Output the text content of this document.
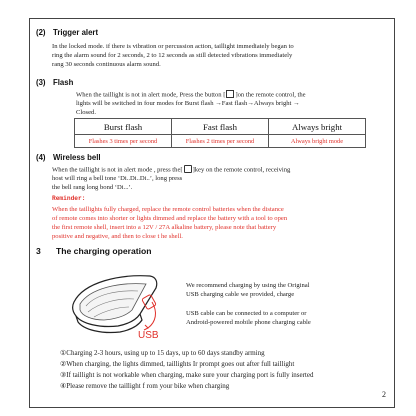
(2) Trigger alert
In the locked mode. if there is vibration or percussion action, taillight immediately began to
ring the alarm sound for 2 seconds, 2 to 12 seconds as still detected vibrations immediately
rang 30 seconds continuous alarm sound.
(3) Flash
When the taillight is not in alert mode, Press the button [ ]on the remote control, the
lights will be switched in four modes for Burst flash →Fast flash→Always bright →
Closed.
Burst flash	Fast flash	Always bright
Flashes 3 times per second	Flashes 2 times per second	Always bright mode
(4) Wireless bell
When the taillight is not in alert mode , press the[ ]key on the remote control, receiving
host will ring a bell tone ‘Di..Di..Di..’, long press
the bell rang long bond ‘Di...’.
Reminder:
When the taillights fully charged, replace the remote control batteries when the distance
of remote comes into shorter or lights dimmed and replace the battery with a tool to open
the first remote shell, insert into a 12V / 27A alkaline battery, please note that battery
positive and negative, and then to close t he shell.
3 The charging operation
USB
We recommend charging by using the Original
USB charging cable we provided, charge
USB cable can be connected to a computer or
Android-powered mobile phone charging cable
①Charging 2-3 hours, using up to 15 days, up to 60 days standby arming
②When charging, the lights dimmed, taillights Ir prompt goes out after full taillight
③If taillight is not workable when charging, make sure your charging port is fully inserted
④Please remove the taillight f rom your bike when charging
2
